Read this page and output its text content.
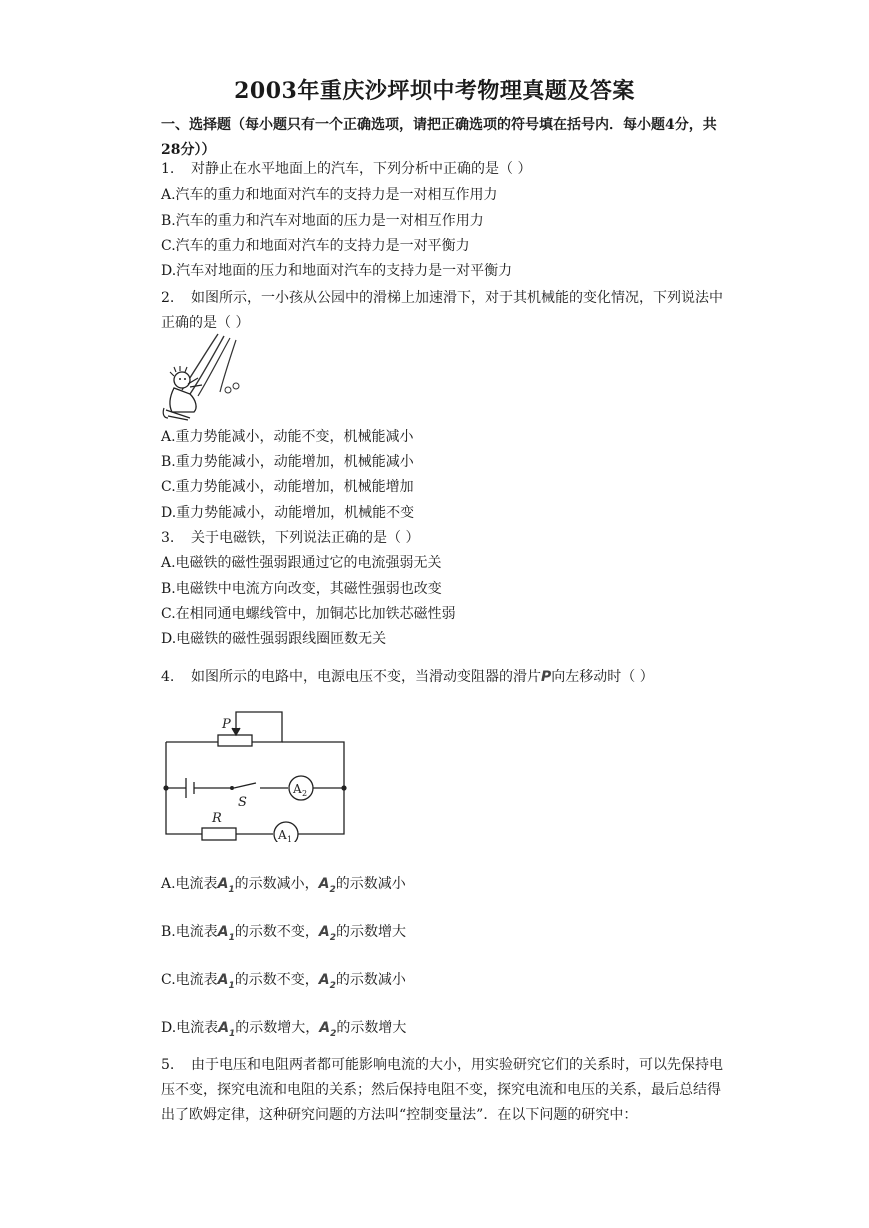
2003年重庆沙坪坝中考物理真题及答案
一、选择题（每小题只有一个正确选项，请把正确选项的符号填在括号内．每小题4分，共28分））
1. 对静止在水平地面上的汽车，下列分析中正确的是（ ）
A.汽车的重力和地面对汽车的支持力是一对相互作用力
B.汽车的重力和汽车对地面的压力是一对相互作用力
C.汽车的重力和地面对汽车的支持力是一对平衡力
D.汽车对地面的压力和地面对汽车的支持力是一对平衡力
2. 如图所示，一小孩从公园中的滑梯上加速滑下，对于其机械能的变化情况，下列说法中正确的是（ ）
A.重力势能减小，动能不变，机械能减小
B.重力势能减小，动能增加，机械能减小
C.重力势能减小，动能增加，机械能增加
D.重力势能减小，动能增加，机械能不变
3. 关于电磁铁，下列说法正确的是（ ）
A.电磁铁的磁性强弱跟通过它的电流强弱无关
B.电磁铁中电流方向改变，其磁性强弱也改变
C.在相同通电螺线管中，加铜芯比加铁芯磁性弱
D.电磁铁的磁性强弱跟线圈匝数无关
4. 如图所示的电路中，电源电压不变，当滑动变阻器的滑片P向左移动时（ ）
P
S
R
A 2
A 1
A.电流表$A_1$的示数减小，$A_2$的示数减小
B.电流表$A_1$的示数不变，$A_2$的示数增大
C.电流表$A_1$的示数不变，$A_2$的示数减小
D.电流表$A_1$的示数增大，$A_2$的示数增大
5. 由于电压和电阻两者都可能影响电流的大小，用实验研究它们的关系时，可以先保持电压不变，探究电流和电阻的关系；然后保持电阻不变，探究电流和电压的关系，最后总结得出了欧姆定律，这种研究问题的方法叫“控制变量法”．在以下问题的研究中：
